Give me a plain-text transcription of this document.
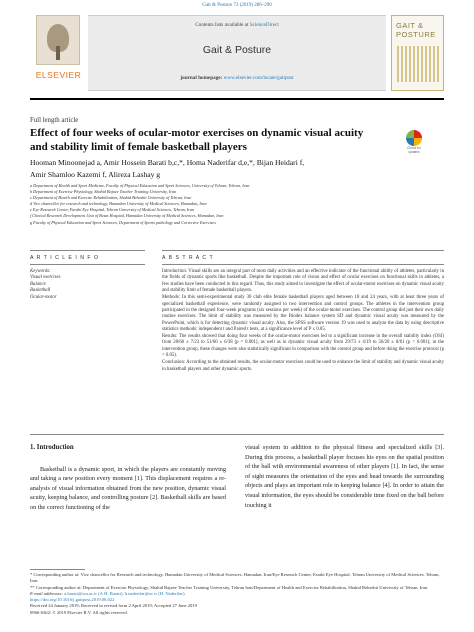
Gait & Posture 73 (2019) 286–290
ELSEVIER
Contents lists available at ScienceDirect
Gait & Posture
journal homepage: www.elsevier.com/locate/gaitpost
GAIT & POSTURE
Full length article
Effect of four weeks of ocular-motor exercises on dynamic visual acuity and stability limit of female basketball players	Check for updates
Hooman Minoonejad a, Amir Hossein Barati b,c,*, Homa Naderifar d,e,*, Bijan Heidari f,
Amir Shamloo Kazemi f, Alireza Lashay g
a Department of Health and Sport Medicine, Faculty of Physical Education and Sport Sciences, University of Tehran, Tehran, Iran
b Department of Exercise Physiology, Shahid Rajaee Teacher Training University, Iran
c Department of Health and Exercise Rehabilitation, Shahid Beheshti University of Tehran, Iran
d Vice chancellor for research and technology, Hamadan University of Medical Sciences, Hamadan, Iran
e Eye Research Center, Farabi Eye Hospital, Tehran University of Medical Sciences, Tehran, Iran
f Clinical Research Development Unit of Besat Hospital, Hamadan University of Medical Sciences, Hamadan, Iran
g Faculty of Physical Education and Sport Sciences, Department of Sports pathology and Corrective Exercises
A R T I C L E I N F O	A B S T R A C T
Keywords:
Visual exercises
Balance
Basketball
Ocular-motor

Introduction: Visual skills are an integral part of most daily activities and an effective indicator of the functional ability of athletes, particularly in the fields of dynamic sports like basketball. Despite the important role of vision and effect of ocular exercises on functional skills in athletes, a few studies have been conducted in this regard. Thus, this study aimed to investigate the effect of ocular-motor exercises on dynamic visual acuity and stability limit of female basketball players.

Methods: In this semi-experimental study 30 club elite female basketball players aged between 18 and 24 years, with at least three years of specialized basketball experience, were randomly assigned to two intervention and control groups. The athletes in the intervention group participated in the designed four-week programs (six sessions per week) of the ocular-motor exercises. The control group did just their own daily routine exercises. The limit of stability was measured by the Biodex balance system SD and dynamic visual acuity was measured by the PowerPoint, which is for detecting dynamic visual acuity. Also, the SPSS software version 19 was used to analyze the data by using descriptive statistics methods: independent t and Paired t tests, at a significance level of P ≤ 0.05.

Results: The results showed that doing four weeks of the ocular-motor exercises led to a significant increase in the overall stability index (OSI) from 28/66 ± 7/23 to 51/60 ± 6/38 (p = 0.001), as well as in dynamic visual acuity from 29/73 ± 4/19 to 56/20 ± 8/81 (p < 0.001); in the intervention group, these changes were also statistically significant in comparison with the control group and before doing the exercise protocol (p < 0.05).

Conclusion: According to the obtained results, the ocular-motor exercises could be used to enhance the limit of stability and dynamic visual acuity in basketball players and other dynamic sports.

1. Introduction

Basketball is a dynamic sport, in which the players are constantly moving and taking a new position every moment [1]. This displacement requires a re-analysis of visual information obtained from the new position, dynamic visual acuity, keeping balance, and controlling posture [2]. Basketball skills are based on the correct functioning of the

visual system in addition to the physical fitness and specialized skills [3]. During this process, a basketball player focuses his eyes on the spatial position of the ball with environmental awareness of other players [1]. In fact, the sense of sight measures the orientation of the eyes and head towards the surrounding objects and plays an important role in keeping balance [4]. In order to attain the visual information, the eyes should be considerable time fixed on the ball before touching it

* Corresponding author at: Vice chancellor for Research and technology, Hamadan University of Medical Sciences, Hamadan, Iran/Eye Research Center, Farabi Eye Hospital, Tehran University of Medical Sciences, Tehran, Iran.
** Corresponding author at: Department of Exercise Physiology, Shahid Rajaee Teacher Training University, Tehran Iran/Department of Health and Exercise Rehabilitation, Shahid Beheshti University of Tehran, Iran.
E-mail addresses: a.barati@sru.ac.ir (A.H. Barati), h.naderifar@ac.ir (H. Naderifar).
https://doi.org/10.1016/j.gaitpost.2019.06.022
Received 24 January 2019; Received in revised form 2 April 2019; Accepted 27 June 2019
0966-6362/ © 2019 Elsevier B.V. All rights reserved.
